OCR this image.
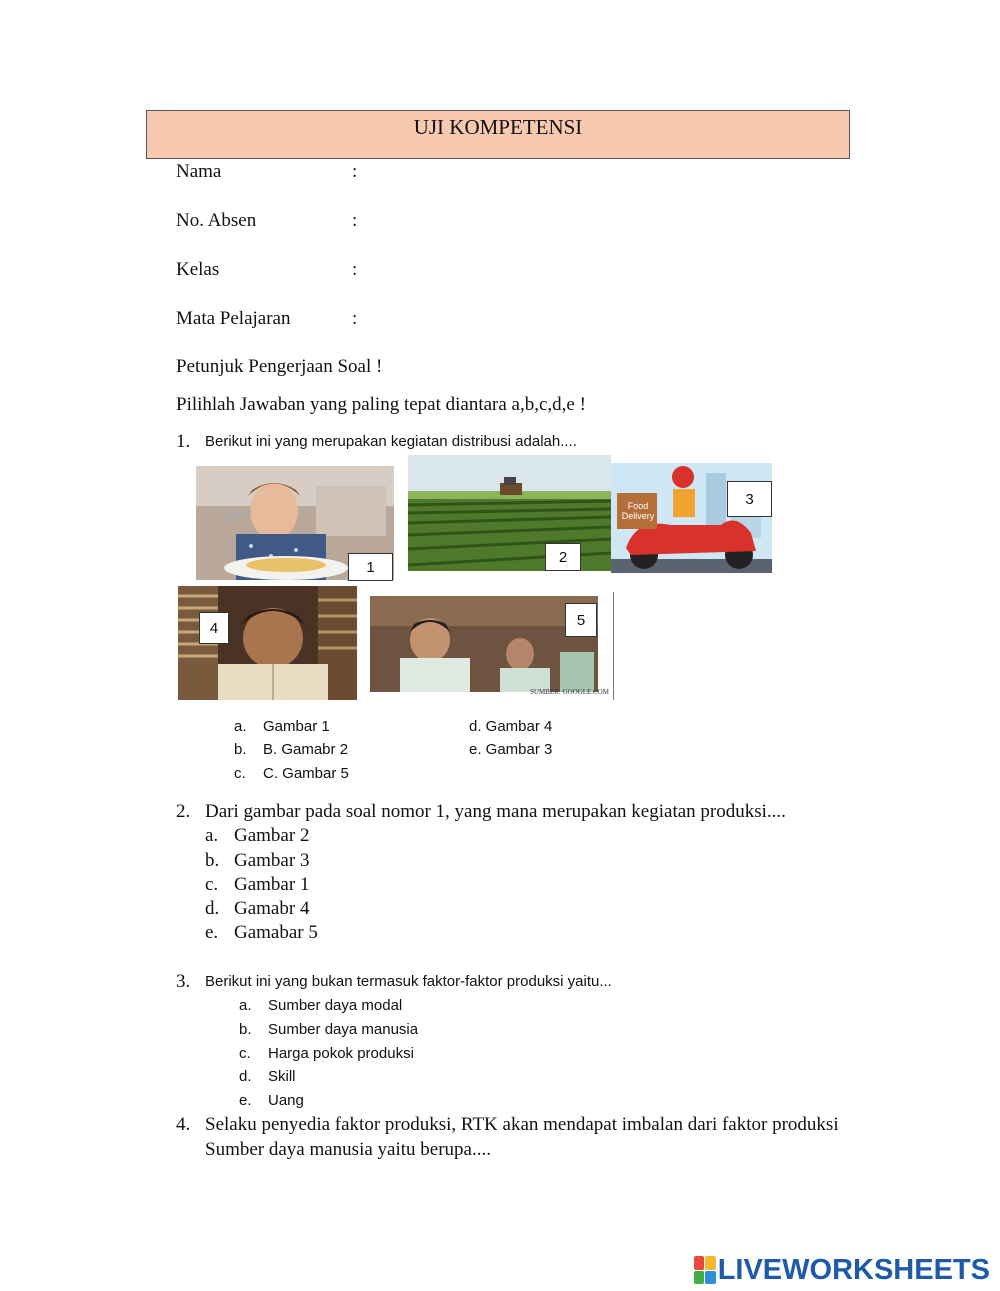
UJI KOMPETENSI
Nama	:
No. Absen	:
Kelas	:
Mata Pelajaran	:
Petunjuk Pengerjaan Soal !
Pilihlah Jawaban yang paling tepat diantara a,b,c,d,e !
1. Berikut ini yang merupakan kegiatan distribusi adalah....
1
2
Food Delivery
3
4
SUMBER: GOOGLE.COM
5
a. Gambar 1
b. B. Gamabr 2
c. C. Gambar 5
d. Gambar 4
e. Gambar 3
2. Dari gambar pada soal nomor 1, yang mana merupakan kegiatan produksi....
a. Gambar 2
b. Gambar 3
c. Gambar 1
d. Gamabr 4
e. Gamabar 5
3. Berikut ini yang bukan termasuk faktor-faktor produksi yaitu...
a. Sumber daya modal
b. Sumber daya manusia
c. Harga pokok produksi
d. Skill
e. Uang
4. Selaku penyedia faktor produksi, RTK akan mendapat imbalan dari faktor produksi
Sumber daya manusia yaitu berupa....
LIVEWORKSHEETS
